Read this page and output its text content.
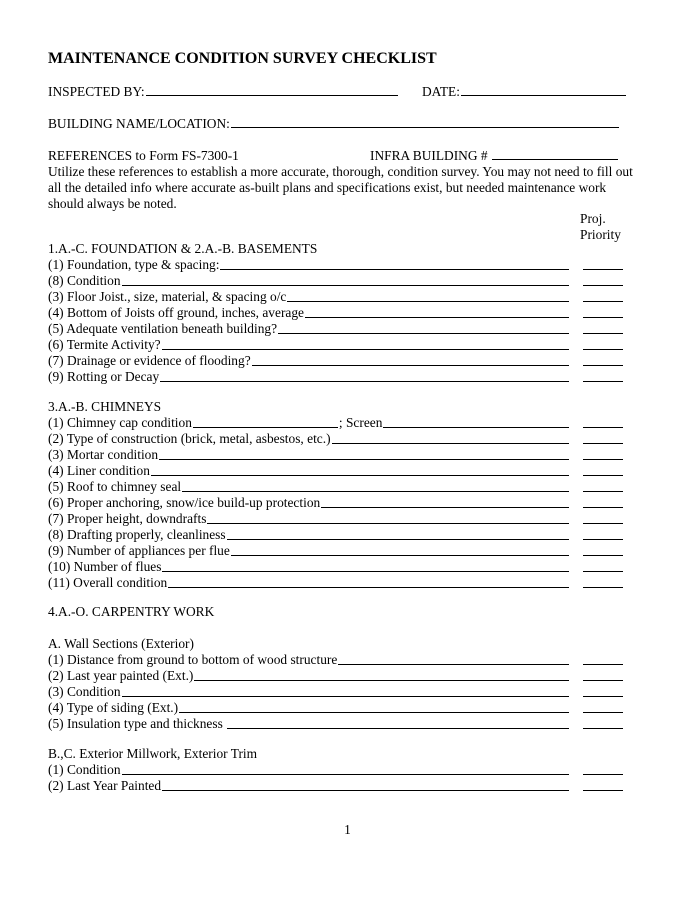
MAINTENANCE CONDITION SURVEY CHECKLIST
INSPECTED BY:	DATE:
BUILDING NAME/LOCATION:
REFERENCES to Form FS-7300-1	INFRA BUILDING #
Utilize these references to establish a more accurate, thorough, condition survey. You may not need to fill out all the detailed info where accurate as-built plans and specifications exist, but needed maintenance work should always be noted.
Proj.
Priority
1.A.-C. FOUNDATION & 2.A.-B. BASEMENTS
(1) Foundation, type & spacing:
(8) Condition
(3) Floor Joist., size, material, & spacing o/c
(4) Bottom of Joists off ground, inches, average
(5) Adequate ventilation beneath building?
(6) Termite Activity?
(7) Drainage or evidence of flooding?
(9) Rotting or Decay
3.A.-B. CHIMNEYS
(1) Chimney cap condition	; Screen
(2) Type of construction (brick, metal, asbestos, etc.)
(3) Mortar condition
(4) Liner condition
(5) Roof to chimney seal
(6) Proper anchoring, snow/ice build-up protection
(7) Proper height, downdrafts
(8) Drafting properly, cleanliness
(9) Number of appliances per flue
(10) Number of flues
(11) Overall condition
4.A.-O. CARPENTRY WORK
A. Wall Sections (Exterior)
(1) Distance from ground to bottom of wood structure
(2) Last year painted (Ext.)
(3) Condition
(4) Type of siding (Ext.)
(5) Insulation type and thickness
B.,C. Exterior Millwork, Exterior Trim
(1) Condition
(2) Last Year Painted
1
